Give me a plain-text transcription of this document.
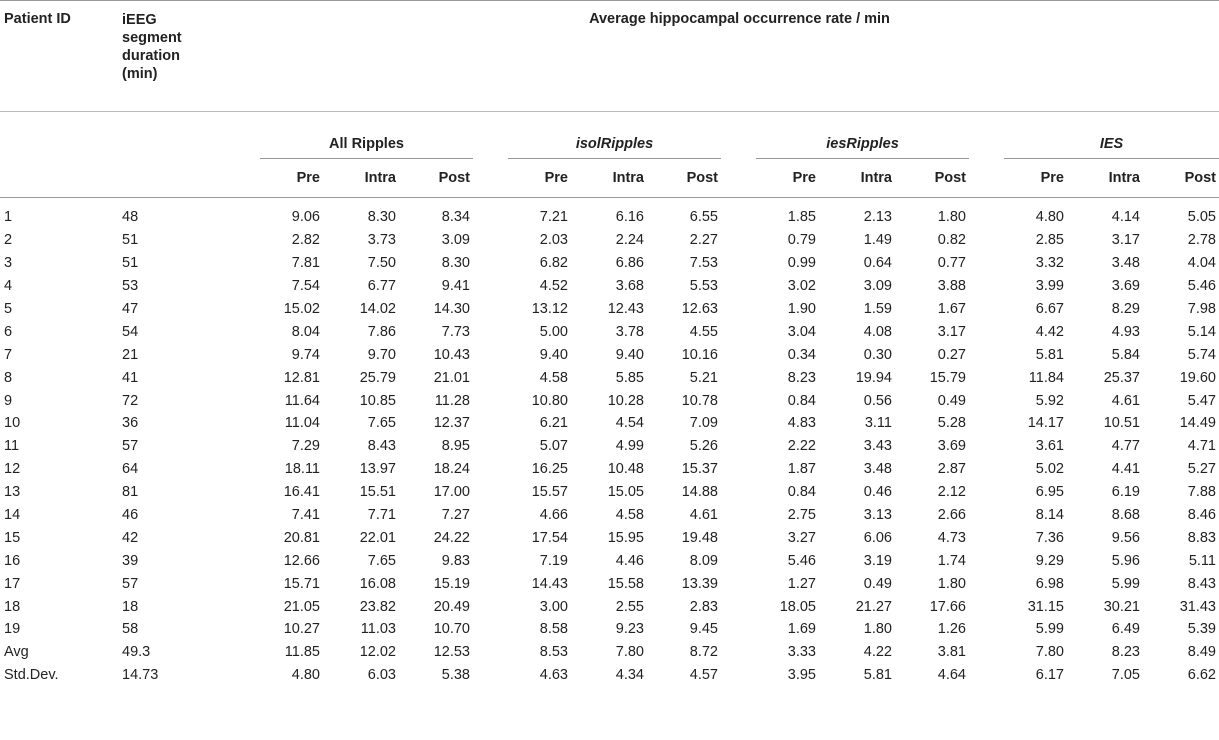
Patient ID	iEEG
segment
duration
(min)	Average hippocampal occurrence rate / min														
		All Ripples				isolRipples				iesRipples				IES		
		Pre	Intra	Post		Pre	Intra	Post		Pre	Intra	Post		Pre	Intra	Post
1	48	9.06	8.30	8.34		7.21	6.16	6.55		1.85	2.13	1.80		4.80	4.14	5.05
2	51	2.82	3.73	3.09		2.03	2.24	2.27		0.79	1.49	0.82		2.85	3.17	2.78
3	51	7.81	7.50	8.30		6.82	6.86	7.53		0.99	0.64	0.77		3.32	3.48	4.04
4	53	7.54	6.77	9.41		4.52	3.68	5.53		3.02	3.09	3.88		3.99	3.69	5.46
5	47	15.02	14.02	14.30		13.12	12.43	12.63		1.90	1.59	1.67		6.67	8.29	7.98
6	54	8.04	7.86	7.73		5.00	3.78	4.55		3.04	4.08	3.17		4.42	4.93	5.14
7	21	9.74	9.70	10.43		9.40	9.40	10.16		0.34	0.30	0.27		5.81	5.84	5.74
8	41	12.81	25.79	21.01		4.58	5.85	5.21		8.23	19.94	15.79		11.84	25.37	19.60
9	72	11.64	10.85	11.28		10.80	10.28	10.78		0.84	0.56	0.49		5.92	4.61	5.47
10	36	11.04	7.65	12.37		6.21	4.54	7.09		4.83	3.11	5.28		14.17	10.51	14.49
11	57	7.29	8.43	8.95		5.07	4.99	5.26		2.22	3.43	3.69		3.61	4.77	4.71
12	64	18.11	13.97	18.24		16.25	10.48	15.37		1.87	3.48	2.87		5.02	4.41	5.27
13	81	16.41	15.51	17.00		15.57	15.05	14.88		0.84	0.46	2.12		6.95	6.19	7.88
14	46	7.41	7.71	7.27		4.66	4.58	4.61		2.75	3.13	2.66		8.14	8.68	8.46
15	42	20.81	22.01	24.22		17.54	15.95	19.48		3.27	6.06	4.73		7.36	9.56	8.83
16	39	12.66	7.65	9.83		7.19	4.46	8.09		5.46	3.19	1.74		9.29	5.96	5.11
17	57	15.71	16.08	15.19		14.43	15.58	13.39		1.27	0.49	1.80		6.98	5.99	8.43
18	18	21.05	23.82	20.49		3.00	2.55	2.83		18.05	21.27	17.66		31.15	30.21	31.43
19	58	10.27	11.03	10.70		8.58	9.23	9.45		1.69	1.80	1.26		5.99	6.49	5.39
Avg	49.3	11.85	12.02	12.53		8.53	7.80	8.72		3.33	4.22	3.81		7.80	8.23	8.49
Std.Dev.	14.73	4.80	6.03	5.38		4.63	4.34	4.57		3.95	5.81	4.64		6.17	7.05	6.62
